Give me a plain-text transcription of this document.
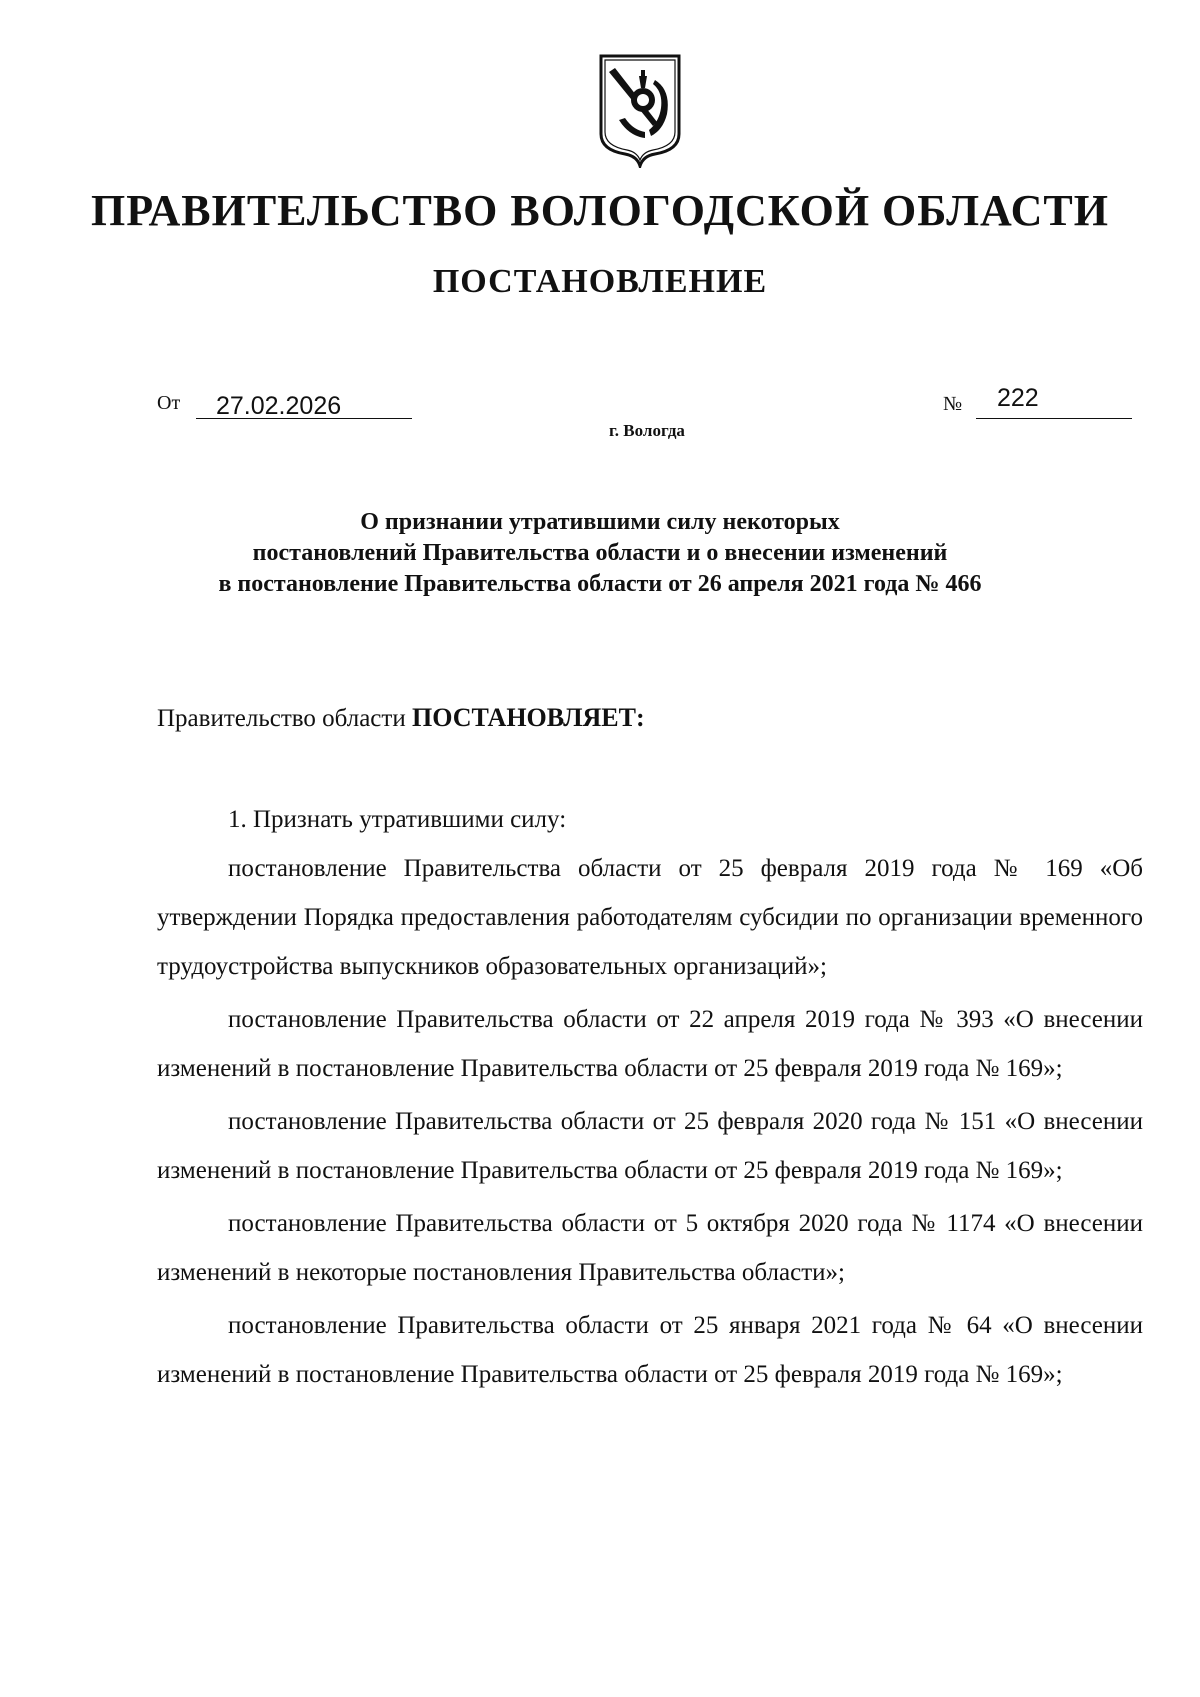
ПРАВИТЕЛЬСТВО ВОЛОГОДСКОЙ ОБЛАСТИ
ПОСТАНОВЛЕНИЕ
От 27.02.2026	№ 222
г. Вологда
О признании утратившими силу некоторых
постановлений Правительства области и о внесении изменений
в постановление Правительства области от 26 апреля 2021 года № 466
Правительство области ПОСТАНОВЛЯЕТ:

1. Признать утратившими силу:

постановление Правительства области от 25 февраля 2019 года № 169 «Об утверждении Порядка предоставления работодателям субсидии по организации временного трудоустройства выпускников образовательных организаций»;

постановление Правительства области от 22 апреля 2019 года № 393 «О внесении изменений в постановление Правительства области от 25 февраля 2019 года № 169»;

постановление Правительства области от 25 февраля 2020 года № 151 «О внесении изменений в постановление Правительства области от 25 февраля 2019 года № 169»;

постановление Правительства области от 5 октября 2020 года № 1174 «О внесении изменений в некоторые постановления Правительства области»;

постановление Правительства области от 25 января 2021 года № 64 «О внесении изменений в постановление Правительства области от 25 февраля 2019 года № 169»;
